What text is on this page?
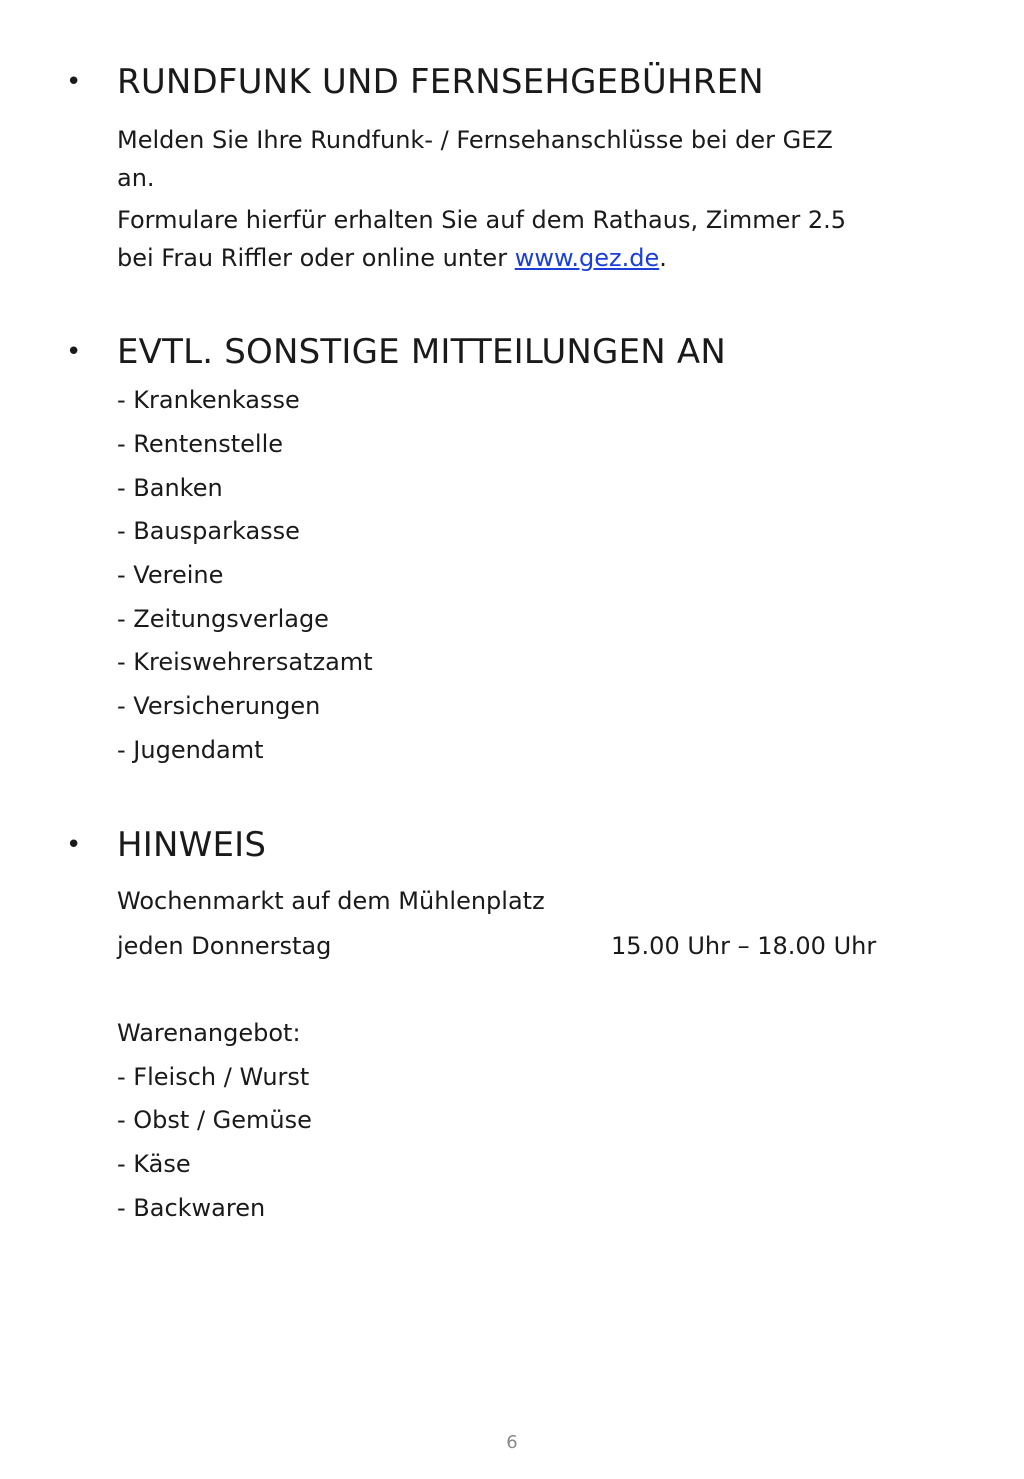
• RUNDFUNK UND FERNSEHGEBÜHREN
Melden Sie Ihre Rundfunk- / Fernsehanschlüsse bei der GEZ
an.
Formulare hierfür erhalten Sie auf dem Rathaus, Zimmer 2.5
bei Frau Riffler oder online unter www.gez.de.
• EVTL. SONSTIGE MITTEILUNGEN AN
- Krankenkasse
- Rentenstelle
- Banken
- Bausparkasse
- Vereine
- Zeitungsverlage
- Kreiswehrersatzamt
- Versicherungen
- Jugendamt
• HINWEIS
Wochenmarkt auf dem Mühlenplatz
jeden Donnerstag	15.00 Uhr – 18.00 Uhr
Warenangebot:
- Fleisch / Wurst
- Obst / Gemüse
- Käse
- Backwaren
6
